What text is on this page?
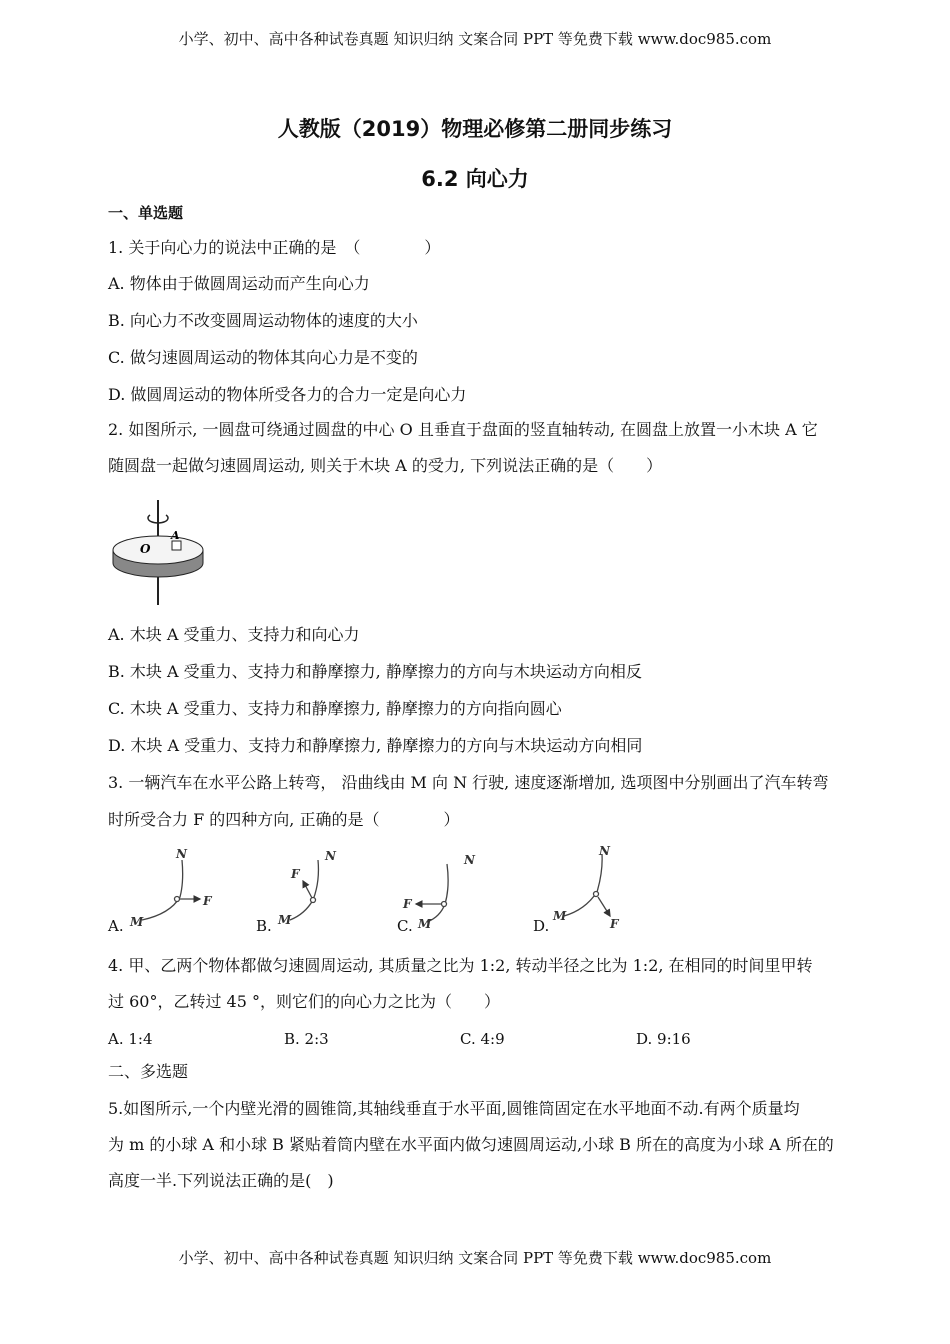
小学、初中、高中各种试卷真题 知识归纳 文案合同 PPT 等免费下载 www.doc985.com
人教版（2019）物理必修第二册同步练习
6.2 向心力
一、单选题
1. 关于向心力的说法中正确的是　（　　　　）
A. 物体由于做圆周运动而产生向心力
B. 向心力不改变圆周运动物体的速度的大小
C. 做匀速圆周运动的物体其向心力是不变的
D. 做圆周运动的物体所受各力的合力一定是向心力
2. 如图所示, 一圆盘可绕通过圆盘的中心 O 且垂直于盘面的竖直轴转动, 在圆盘上放置一小木块 A 它
随圆盘一起做匀速圆周运动, 则关于木块 A 的受力, 下列说法正确的是（　　）
O
A
A. 木块 A 受重力、支持力和向心力
B. 木块 A 受重力、支持力和静摩擦力, 静摩擦力的方向与木块运动方向相反
C. 木块 A 受重力、支持力和静摩擦力, 静摩擦力的方向指向圆心
D. 木块 A 受重力、支持力和静摩擦力, 静摩擦力的方向与木块运动方向相同
3. 一辆汽车在水平公路上转弯， 沿曲线由 M 向 N 行驶, 速度逐渐增加, 选项图中分别画出了汽车转弯
时所受合力 F 的四种方向, 正确的是（　　　　）
N
M
F
N
M
F
N
M
F
N
M
F
A.	B.	C.	D.
4. 甲、乙两个物体都做匀速圆周运动, 其质量之比为 1:2, 转动半径之比为 1:2, 在相同的时间里甲转
过 60°，乙转过 45 °，则它们的向心力之比为（　　）
A. 1:4	B. 2:3	C. 4:9	D. 9:16
二、多选题
5.如图所示,一个内壁光滑的圆锥筒,其轴线垂直于水平面,圆锥筒固定在水平地面不动.有两个质量均
为 m 的小球 A 和小球 B 紧贴着筒内壁在水平面内做匀速圆周运动,小球 B 所在的高度为小球 A 所在的
高度一半.下列说法正确的是(　)
小学、初中、高中各种试卷真题 知识归纳 文案合同 PPT 等免费下载 www.doc985.com
